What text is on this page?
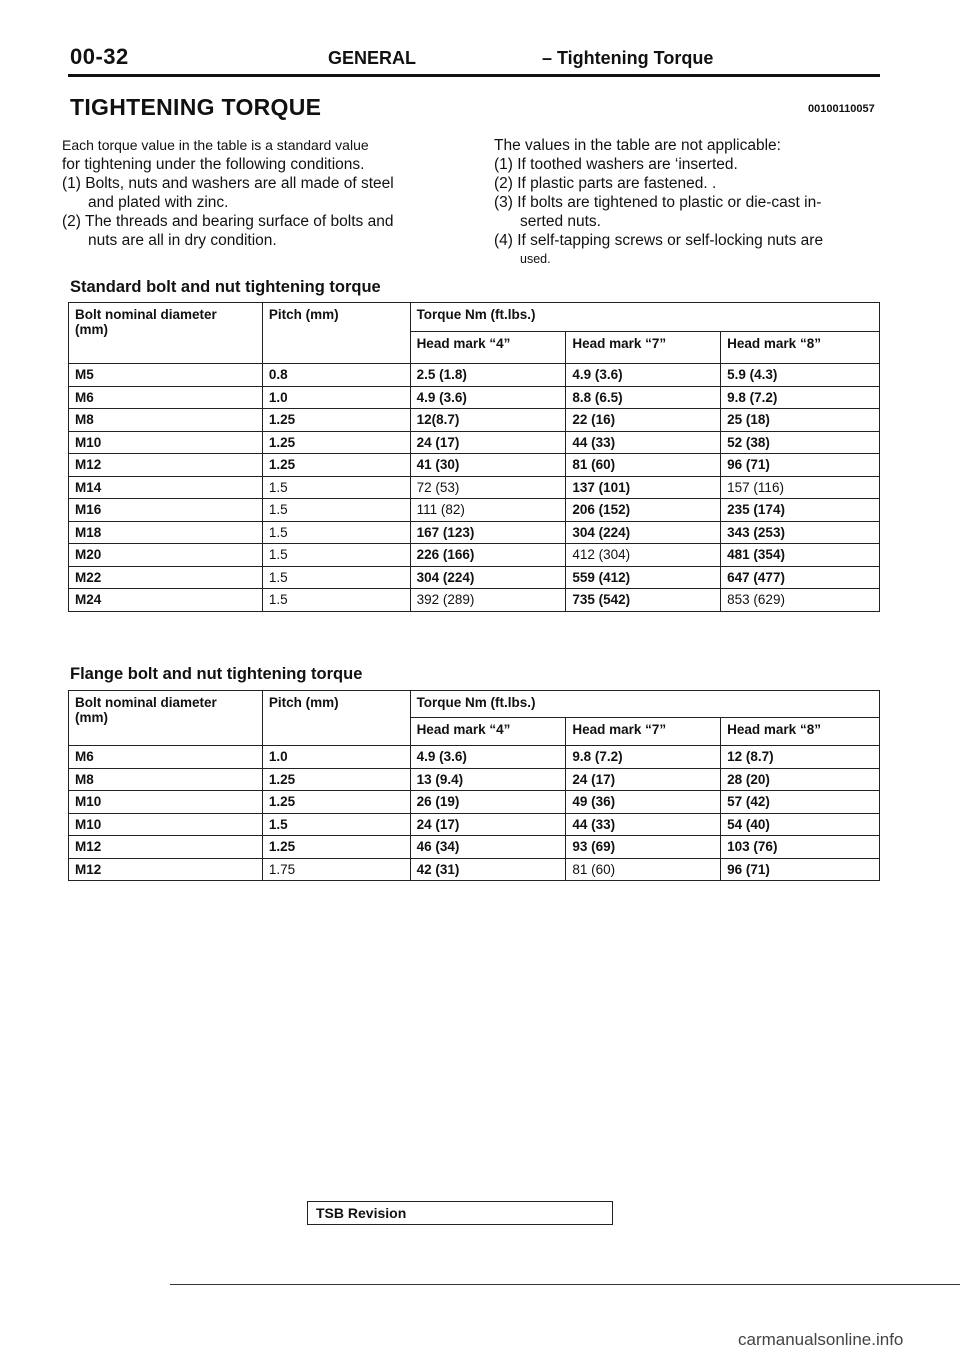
00-32	GENERAL	– Tightening Torque
TIGHTENING TORQUE	00100110057

Each torque value in the table is a standard value

for tightening under the following conditions.

(1) Bolts, nuts and washers are all made of steel

and plated with zinc.

(2) The threads and bearing surface of bolts and

nuts are all in dry condition.

The values in the table are not applicable:

(1) If toothed washers are ‘inserted.

(2) If plastic parts are fastened. .

(3) If bolts are tightened to plastic or die-cast in-

serted nuts.

(4) If self-tapping screws or self-locking nuts are

used.

Standard bolt and nut tightening torque
Bolt nominal diameter
(mm)	Pitch (mm)	Torque Nm (ft.lbs.)		
		Head mark “4”	Head mark “7”	Head mark “8”
M5	0.8	2.5 (1.8)	4.9 (3.6)	5.9 (4.3)
M6	1.0	4.9 (3.6)	8.8 (6.5)	9.8 (7.2)
M8	1.25	12(8.7)	22 (16)	25 (18)
M10	1.25	24 (17)	44 (33)	52 (38)
M12	1.25	41 (30)	81 (60)	96 (71)
M14	1.5	72 (53)	137 (101)	157 (116)
M16	1.5	111 (82)	206 (152)	235 (174)
M18	1.5	167 (123)	304 (224)	343 (253)
M20	1.5	226 (166)	412 (304)	481 (354)
M22	1.5	304 (224)	559 (412)	647 (477)
M24	1.5	392 (289)	735 (542)	853 (629)
Flange bolt and nut tightening torque
Bolt nominal diameter
(mm)	Pitch (mm)	Torque Nm (ft.lbs.)		
		Head mark “4”	Head mark “7”	Head mark “8”
M6	1.0	4.9 (3.6)	9.8 (7.2)	12 (8.7)
M8	1.25	13 (9.4)	24 (17)	28 (20)
M10	1.25	26 (19)	49 (36)	57 (42)
M10	1.5	24 (17)	44 (33)	54 (40)
M12	1.25	46 (34)	93 (69)	103 (76)
M12	1.75	42 (31)	81 (60)	96 (71)
TSB Revision
carmanualsonline.info
